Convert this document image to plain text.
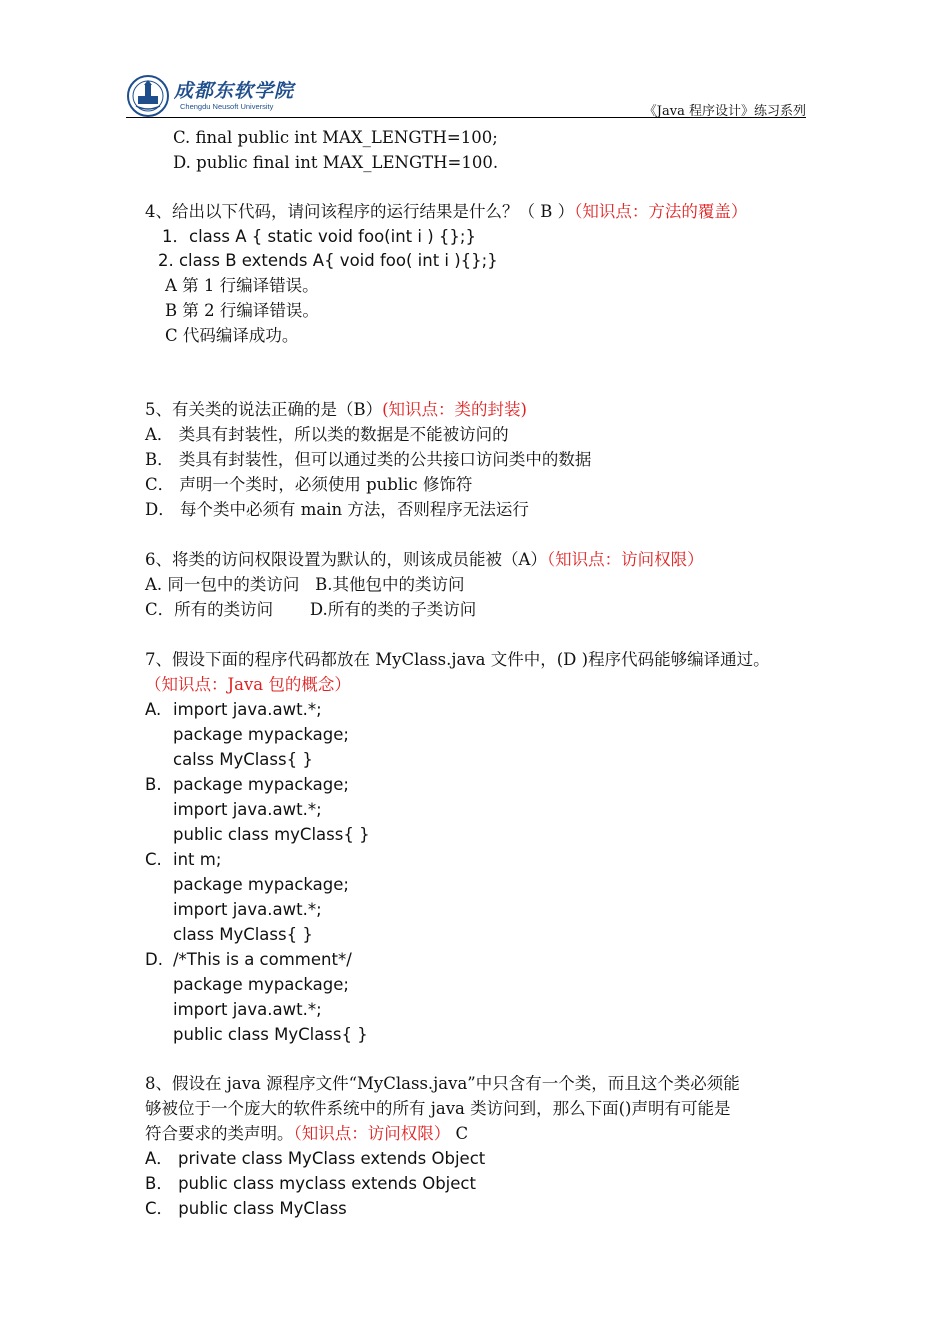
成都东软学院
Chengdu Neusoft University	《Java 程序设计》练习系列
C. final public int MAX_LENGTH=100;
D. public final int MAX_LENGTH=100.
4、给出以下代码，请问该程序的运行结果是什么？（ B ）（知识点：方法的覆盖）
1．class A { static void foo(int i ) {};}
2. class B extends A{ void foo( int i ){};}
A 第 1 行编译错误。
B 第 2 行编译错误。
C 代码编译成功。
5、有关类的说法正确的是（B）(知识点：类的封装)
A． 类具有封装性，所以类的数据是不能被访问的
B． 类具有封装性，但可以通过类的公共接口访问类中的数据
C． 声明一个类时，必须使用 public 修饰符
D． 每个类中必须有 main 方法，否则程序无法运行
6、将类的访问权限设置为默认的，则该成员能被（A）（知识点：访问权限）
A. 同一包中的类访问   B.其他包中的类访问
C．所有的类访问       D.所有的类的子类访问
7、假设下面的程序代码都放在 MyClass.java 文件中，(D )程序代码能够编译通过。
（知识点：Java 包的概念）
A. import java.awt.*;
package mypackage;
calss MyClass{ }
B. package mypackage;
import java.awt.*;
public class myClass{ }
C. int m;
package mypackage;
import java.awt.*;
class MyClass{ }
D. /*This is a comment*/
package mypackage;
import java.awt.*;
public class MyClass{ }
8、假设在 java 源程序文件“MyClass.java”中只含有一个类，而且这个类必须能
够被位于一个庞大的软件系统中的所有 java 类访问到，那么下面()声明有可能是
符合要求的类声明。（知识点：访问权限） C
A． private class MyClass extends Object
B． public class myclass extends Object
C． public class MyClass
